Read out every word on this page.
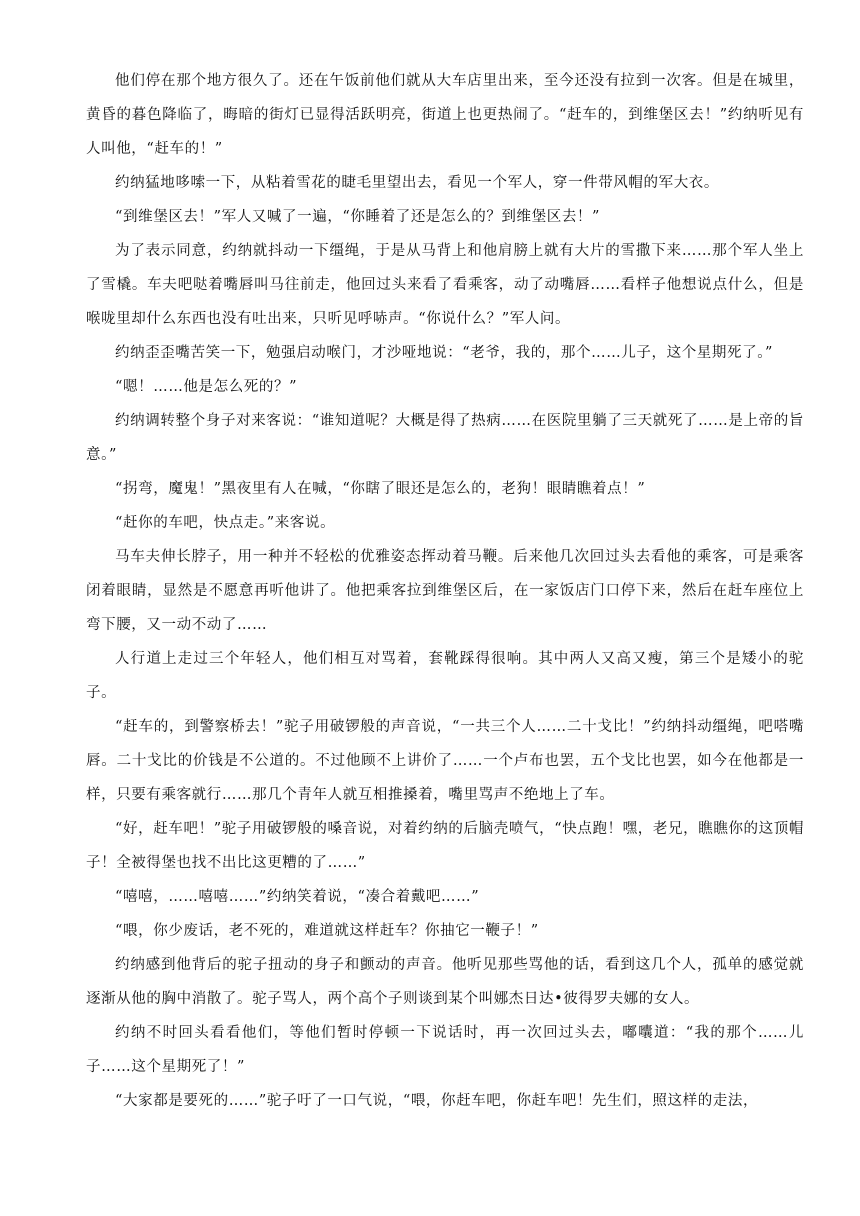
他们停在那个地方很久了。还在午饭前他们就从大车店里出来，至今还没有拉到一次客。但是在城里，黄昏的暮色降临了，晦暗的街灯已显得活跃明亮，街道上也更热闹了。“赶车的，到维堡区去！”约纳听见有人叫他，“赶车的！”

约纳猛地哆嗦一下，从粘着雪花的睫毛里望出去，看见一个军人，穿一件带风帽的军大衣。

“到维堡区去！”军人又喊了一遍，“你睡着了还是怎么的？到维堡区去！”

为了表示同意，约纳就抖动一下缰绳，于是从马背上和他肩膀上就有大片的雪撒下来……那个军人坐上了雪橇。车夫吧哒着嘴唇叫马往前走，他回过头来看了看乘客，动了动嘴唇……看样子他想说点什么，但是喉咙里却什么东西也没有吐出来，只听见呼哧声。“你说什么？”军人问。

约纳歪歪嘴苦笑一下，勉强启动喉门，才沙哑地说：“老爷，我的，那个……儿子，这个星期死了。”

“嗯！……他是怎么死的？”

约纳调转整个身子对来客说：“谁知道呢？大概是得了热病……在医院里躺了三天就死了……是上帝的旨意。”

“拐弯，魔鬼！”黑夜里有人在喊，“你瞎了眼还是怎么的，老狗！眼睛瞧着点！”

“赶你的车吧，快点走。”来客说。

马车夫伸长脖子，用一种并不轻松的优雅姿态挥动着马鞭。后来他几次回过头去看他的乘客，可是乘客闭着眼睛，显然是不愿意再听他讲了。他把乘客拉到维堡区后，在一家饭店门口停下来，然后在赶车座位上弯下腰，又一动不动了……

人行道上走过三个年轻人，他们相互对骂着，套靴踩得很响。其中两人又高又瘦，第三个是矮小的驼子。

“赶车的，到警察桥去！”驼子用破锣般的声音说，“一共三个人……二十戈比！”约纳抖动缰绳，吧嗒嘴唇。二十戈比的价钱是不公道的。不过他顾不上讲价了……一个卢布也罢，五个戈比也罢，如今在他都是一样，只要有乘客就行……那几个青年人就互相推搡着，嘴里骂声不绝地上了车。

“好，赶车吧！”驼子用破锣般的嗓音说，对着约纳的后脑壳喷气，“快点跑！嘿，老兄，瞧瞧你的这顶帽子！全被得堡也找不出比这更糟的了……”

“嘻嘻，……嘻嘻……”约纳笑着说，“凑合着戴吧……”

“喂，你少废话，老不死的，难道就这样赶车？你抽它一鞭子！”

约纳感到他背后的驼子扭动的身子和颤动的声音。他听见那些骂他的话，看到这几个人，孤单的感觉就逐渐从他的胸中消散了。驼子骂人，两个高个子则谈到某个叫娜杰日达•彼得罗夫娜的女人。

约纳不时回头看看他们，等他们暂时停顿一下说话时，再一次回过头去，嘟囔道：“我的那个……儿子……这个星期死了！”

“大家都是要死的……”驼子吁了一口气说，“喂，你赶车吧，你赶车吧！先生们，照这样的走法，
